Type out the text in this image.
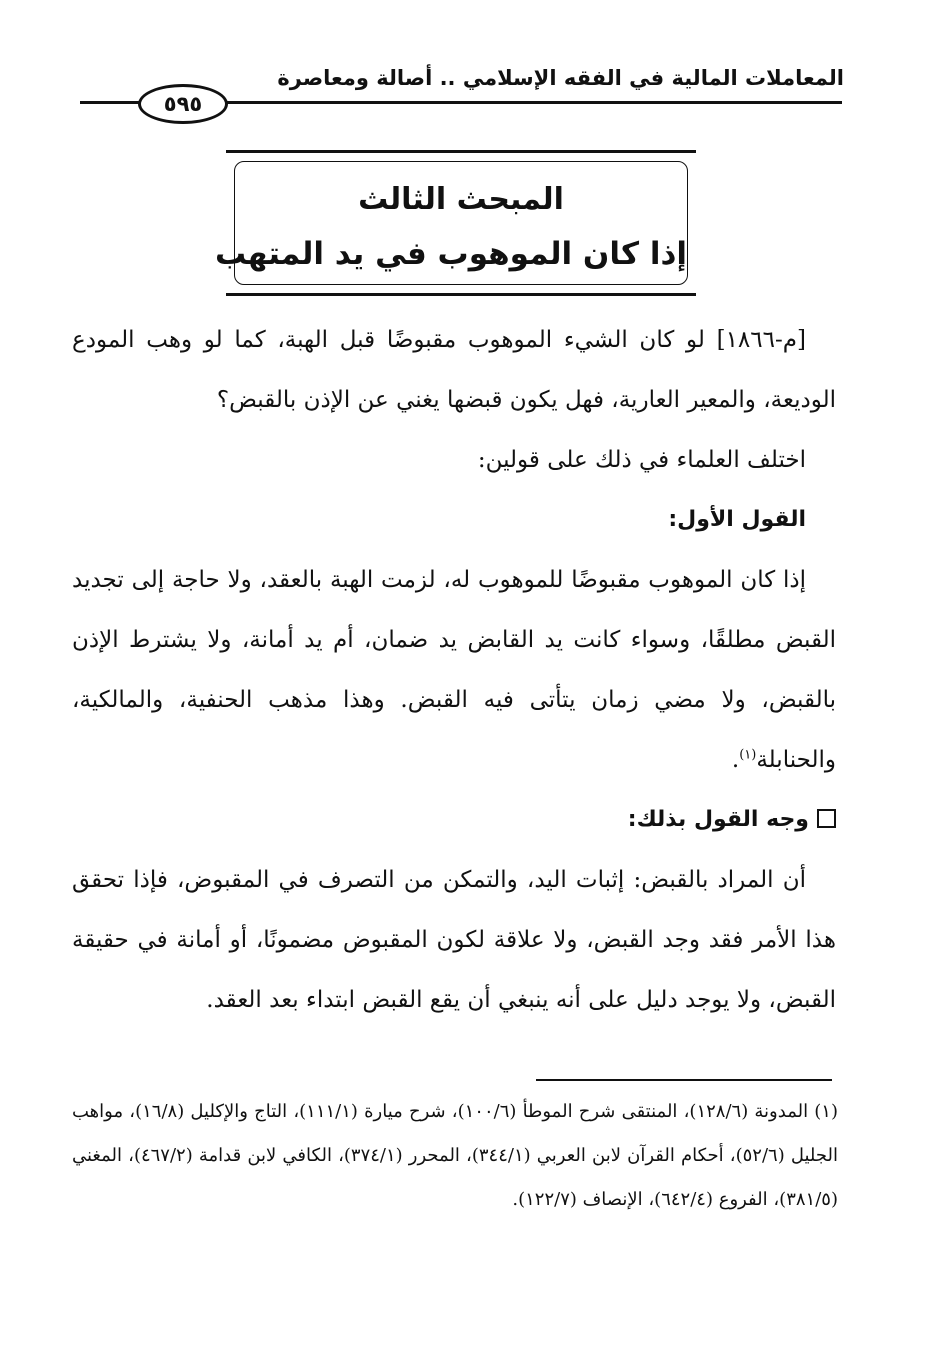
المعاملات المالية في الفقه الإسلامي .. أصالة ومعاصرة
٥٩٥
المبحث الثالث
إذا كان الموهوب في يد المتهب

[م-١٨٦٦] لو كان الشيء الموهوب مقبوضًا قبل الهبة، كما لو وهب المودع الوديعة، والمعير العارية، فهل يكون قبضها يغني عن الإذن بالقبض؟

اختلف العلماء في ذلك على قولين:

القول الأول:

إذا كان الموهوب مقبوضًا للموهوب له، لزمت الهبة بالعقد، ولا حاجة إلى تجديد القبض مطلقًا، وسواء كانت يد القابض يد ضمان، أم يد أمانة، ولا يشترط الإذن بالقبض، ولا مضي زمان يتأتى فيه القبض. وهذا مذهب الحنفية، والمالكية، والحنابلة$^{(١)}$.

وجه القول بذلك:

أن المراد بالقبض: إثبات اليد، والتمكن من التصرف في المقبوض، فإذا تحقق هذا الأمر فقد وجد القبض، ولا علاقة لكون المقبوض مضمونًا، أو أمانة في حقيقة القبض، ولا يوجد دليل على أنه ينبغي أن يقع القبض ابتداء بعد العقد.

(١) المدونة (١٢٨/٦)، المنتقى شرح الموطأ (١٠٠/٦)، شرح ميارة (١١١/١)، التاج والإكليل (١٦/٨)، مواهب الجليل (٥٢/٦)، أحكام القرآن لابن العربي (٣٤٤/١)، المحرر (٣٧٤/١)، الكافي لابن قدامة (٤٦٧/٢)، المغني (٣٨١/٥)، الفروع (٦٤٢/٤)، الإنصاف (١٢٢/٧).
